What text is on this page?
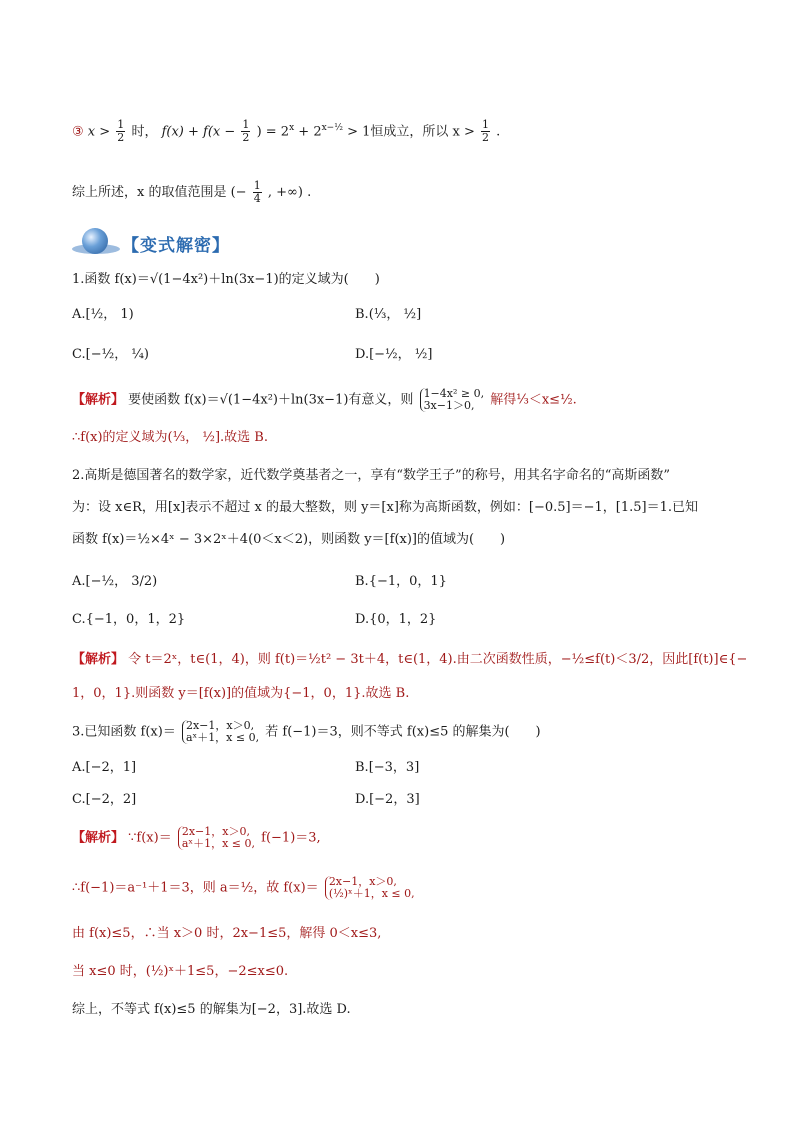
③ $x > \frac{1}{2}$ 时， $f(x) + f(x - \frac{1}{2}$ ) = $2^x + 2^{x-\frac{1}{2}} > 1$恒成立，所以 $x > \frac{1}{2}$ .
综上所述，x 的取值范围是 (− $\frac{1}{4}$ , +∞) .
【变式解密】
1.函数 f(x)＝√(1−4x²)＋ln(3x−1)的定义域为(　　)
A.[½， 1)	B.(⅓， ½]
C.[−½， ¼)	D.[−½， ½]
【解析】 要使函数 f(x)＝√(1−4x²)＋ln(3x−1)有意义，则 1−4x² ≥ 0,
3x−1＞0,	解得⅓＜x≤½.
∴f(x)的定义域为(⅓， ½].故选 B.
2.高斯是德国著名的数学家，近代数学奠基者之一，享有“数学王子”的称号，用其名字命名的“高斯函数”
为：设 x∈R，用[x]表示不超过 x 的最大整数，则 y＝[x]称为高斯函数，例如：[−0.5]＝−1，[1.5]＝1.已知
函数 f(x)＝½×4ˣ − 3×2ˣ＋4(0＜x＜2)，则函数 y＝[f(x)]的值域为(　　)
A.[−½， 3/2)	B.{−1，0，1}
C.{−1，0，1，2}	D.{0，1，2}
【解析】 令 t＝2ˣ，t∈(1，4)，则 f(t)＝½t² − 3t＋4，t∈(1，4).由二次函数性质，−½≤f(t)＜3/2，因此[f(t)]∈{−
1，0，1}.则函数 y＝[f(x)]的值域为{−1，0，1}.故选 B.
3.已知函数 f(x)＝ 2x−1，x＞0,
aˣ＋1，x ≤ 0, 若 f(−1)＝3，则不等式 f(x)≤5 的解集为(　　)
A.[−2，1]	B.[−3，3]
C.[−2，2]	D.[−2，3]
【解析】 ∵f(x)＝ 2x−1，x＞0,
aˣ＋1，x ≤ 0, f(−1)＝3,
∴f(−1)＝a⁻¹＋1＝3，则 a＝½，故 f(x)＝ 2x−1，x＞0,
(½)ˣ＋1，x ≤ 0,
由 f(x)≤5，∴当 x＞0 时，2x−1≤5，解得 0＜x≤3,
当 x≤0 时，(½)ˣ＋1≤5，−2≤x≤0.
综上，不等式 f(x)≤5 的解集为[−2，3].故选 D.
